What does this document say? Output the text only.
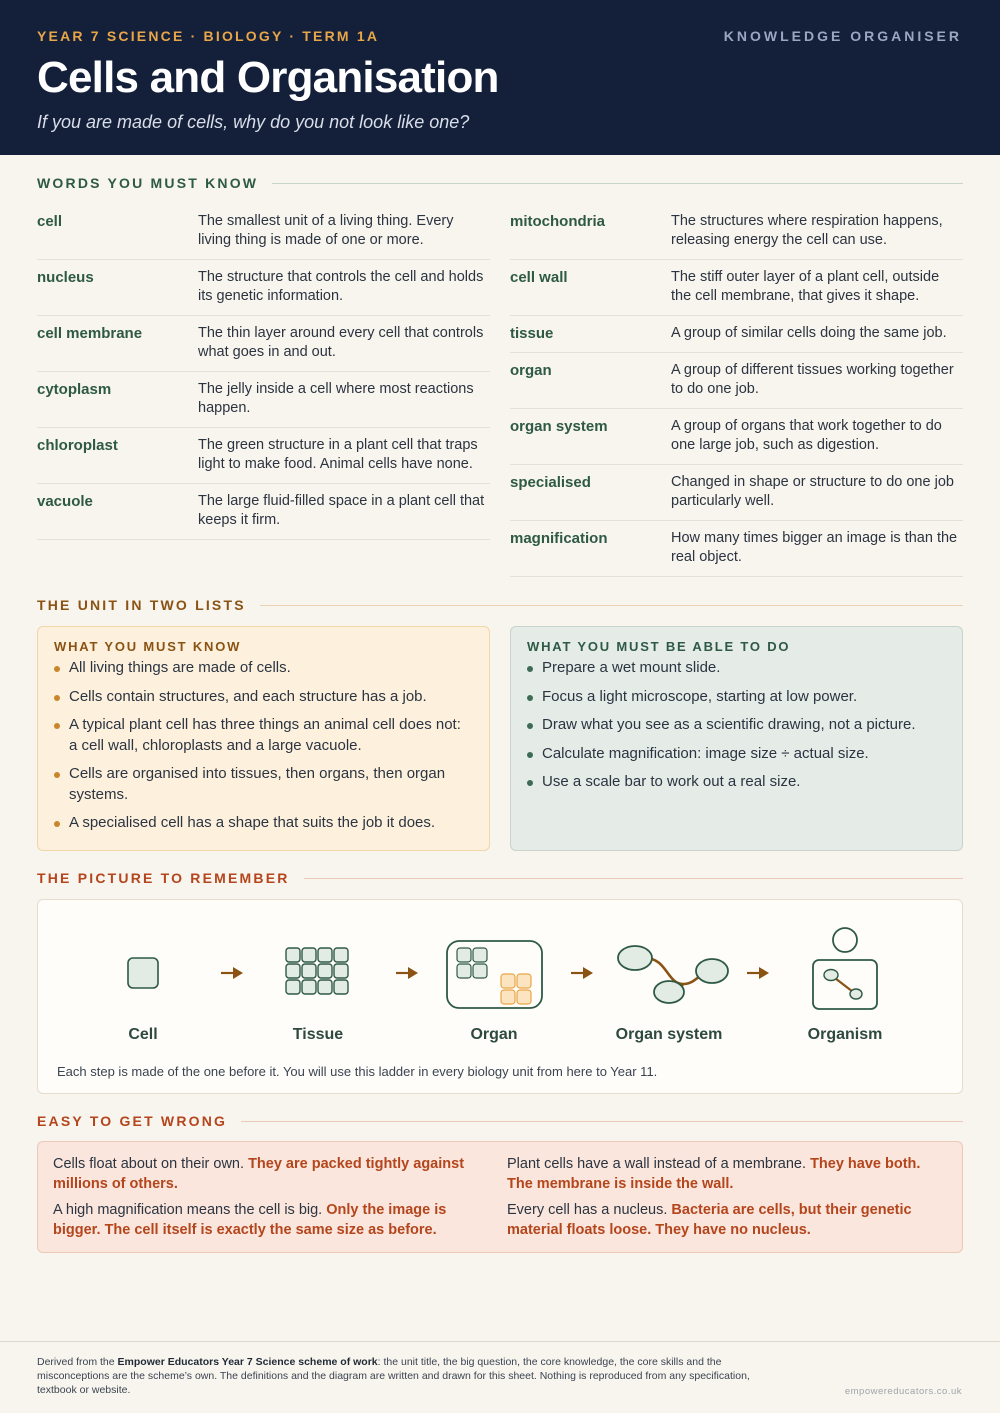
YEAR 7 SCIENCE · BIOLOGY · TERM 1A	KNOWLEDGE ORGANISER
Cells and Organisation
If you are made of cells, why do you not look like one?
WORDS YOU MUST KNOW
cell	The smallest unit of a living thing. Every living thing is made of one or more.
nucleus	The structure that controls the cell and holds its genetic information.
cell membrane	The thin layer around every cell that controls what goes in and out.
cytoplasm	The jelly inside a cell where most reactions happen.
chloroplast	The green structure in a plant cell that traps light to make food. Animal cells have none.
vacuole	The large fluid-filled space in a plant cell that keeps it firm.
mitochondria	The structures where respiration happens, releasing energy the cell can use.
cell wall	The stiff outer layer of a plant cell, outside the cell membrane, that gives it shape.
tissue	A group of similar cells doing the same job.
organ	A group of different tissues working together to do one job.
organ system	A group of organs that work together to do one large job, such as digestion.
specialised	Changed in shape or structure to do one job particularly well.
magnification	How many times bigger an image is than the real object.
THE UNIT IN TWO LISTS
WHAT YOU MUST KNOW
All living things are made of cells.
Cells contain structures, and each structure has a job.
A typical plant cell has three things an animal cell does not: a cell wall, chloroplasts and a large vacuole.
Cells are organised into tissues, then organs, then organ systems.
A specialised cell has a shape that suits the job it does.
WHAT YOU MUST BE ABLE TO DO
Prepare a wet mount slide.
Focus a light microscope, starting at low power.
Draw what you see as a scientific drawing, not a picture.
Calculate magnification: image size ÷ actual size.
Use a scale bar to work out a real size.
THE PICTURE TO REMEMBER
Cell	Tissue	Organ	Organ system	Organism
Each step is made of the one before it. You will use this ladder in every biology unit from here to Year 11.
EASY TO GET WRONG
Cells float about on their own. They are packed tightly against millions of others.
A high magnification means the cell is big. Only the image is bigger. The cell itself is exactly the same size as before.
Plant cells have a wall instead of a membrane. They have both. The membrane is inside the wall.
Every cell has a nucleus. Bacteria are cells, but their genetic material floats loose. They have no nucleus.
Derived from the Empower Educators Year 7 Science scheme of work: the unit title, the big question, the core knowledge, the core skills and the misconceptions are the scheme’s own. The definitions and the diagram are written and drawn for this sheet. Nothing is reproduced from any specification, textbook or website.	empowereducators.co.uk
